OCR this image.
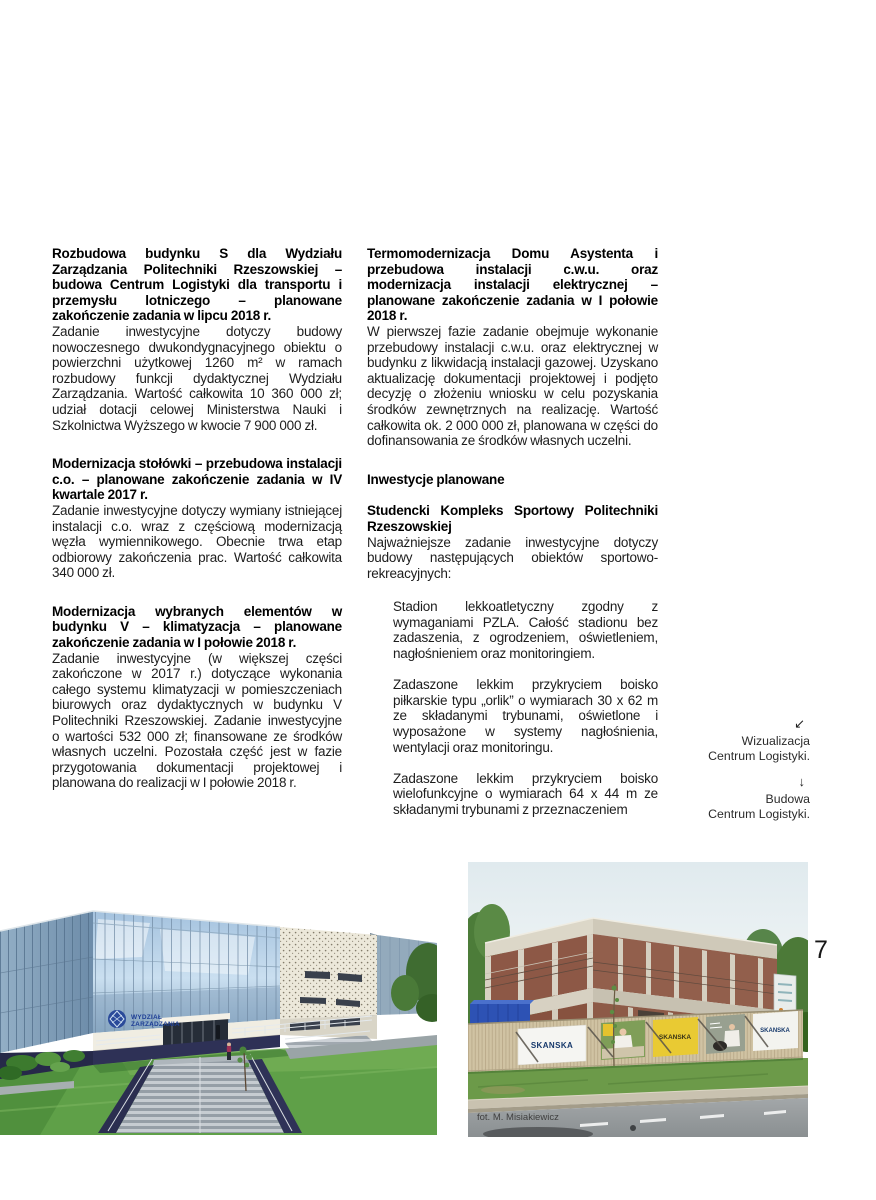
Rozbudowa budynku S dla Wydziału Zarządzania Politechniki Rzeszowskiej – budowa Centrum Logistyki dla transportu i przemysłu lotniczego – planowane zakończenie zadania w lipcu 2018 r.

Zadanie inwestycyjne dotyczy budowy nowoczesnego dwukondygnacyjnego obiektu o powierzchni użytkowej 1260 m² w ramach rozbudowy funkcji dydaktycznej Wydziału Zarządzania. Wartość całkowita 10 360 000 zł; udział dotacji celowej Ministerstwa Nauki i Szkolnictwa Wyższego w kwocie 7 900 000 zł.

Modernizacja stołówki – przebudowa instalacji c.o. – planowane zakończenie zadania w IV kwartale 2017 r.

Zadanie inwestycyjne dotyczy wymiany istniejącej instalacji c.o. wraz z częściową modernizacją węzła wymiennikowego. Obecnie trwa etap odbiorowy zakończenia prac. Wartość całkowita 340 000 zł.

Modernizacja wybranych elementów w budynku V – klimatyzacja – planowane zakończenie zadania w I połowie 2018 r.

Zadanie inwestycyjne (w większej części zakończone w 2017 r.) dotyczące wykonania całego systemu klimatyzacji w pomieszczeniach biurowych oraz dydaktycznych w budynku V Politechniki Rzeszowskiej. Zadanie inwestycyjne o wartości 532 000 zł; finansowane ze środków własnych uczelni. Pozostała część jest w fazie przygotowania dokumentacji projektowej i planowana do realizacji w I połowie 2018 r.

Termomodernizacja Domu Asystenta i przebudowa instalacji c.w.u. oraz modernizacja instalacji elektrycznej – planowane zakończenie zadania w I połowie 2018 r.

W pierwszej fazie zadanie obejmuje wykonanie przebudowy instalacji c.w.u. oraz elektrycznej w budynku z likwidacją instalacji gazowej. Uzyskano aktualizację dokumentacji projektowej i podjęto decyzję o złożeniu wniosku w celu pozyskania środków zewnętrznych na realizację. Wartość całkowita ok. 2 000 000 zł, planowana w części do dofinansowania ze środków własnych uczelni.

Inwestycje planowane

Studencki Kompleks Sportowy Politechniki Rzeszowskiej

Najważniejsze zadanie inwestycyjne dotyczy budowy następujących obiektów sportowo-rekreacyjnych:

Stadion lekkoatletyczny zgodny z wymaganiami PZLA. Całość stadionu bez zadaszenia, z ogrodzeniem, oświetleniem, nagłośnieniem oraz monitoringiem.

Zadaszone lekkim przykryciem boisko piłkarskie typu „orlik” o wymiarach 30 x 62 m ze składanymi trybunami, oświetlone i wyposażone w systemy nagłośnienia, wentylacji oraz monitoringu.

Zadaszone lekkim przykryciem boisko wielofunkcyjne o wymiarach 64 x 44 m ze składanymi trybunami z przeznaczeniem

↙
Wizualizacja
Centrum Logistyki.
↓
Budowa
Centrum Logistyki.
7
WYDZIAŁ
ZARZĄDZANIA
SKANSKA
SKANSKA
SKANSKA
fot. M. Misiakiewicz
